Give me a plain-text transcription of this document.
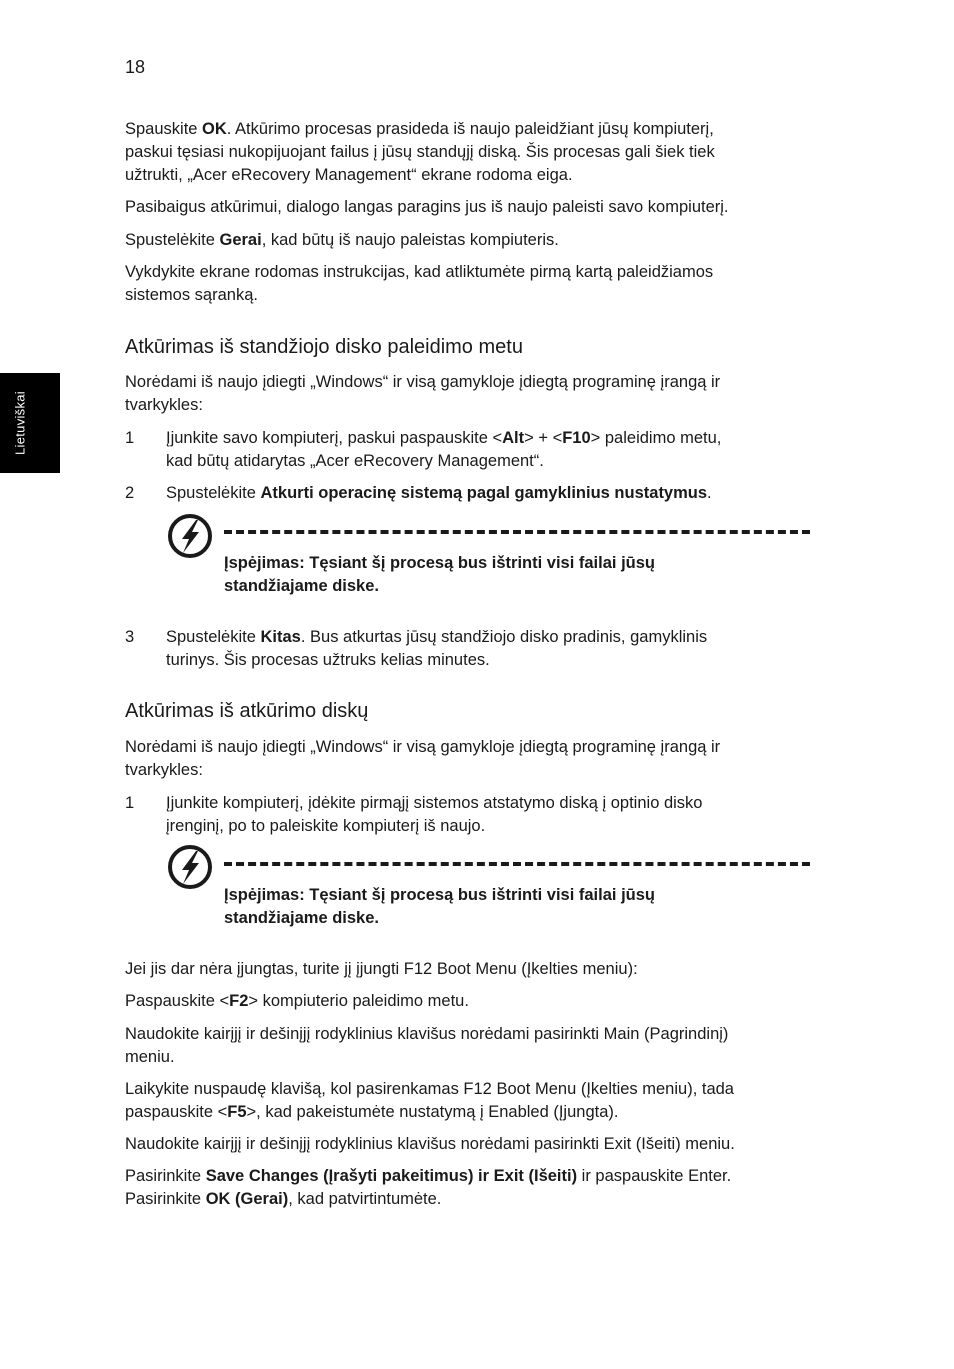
18
Lietuviškai

Spauskite OK. Atkūrimo procesas prasideda iš naujo paleidžiant jūsų kompiuterį,
paskui tęsiasi nukopijuojant failus į jūsų standųjį diską. Šis procesas gali šiek tiek
užtrukti, „Acer eRecovery Management“ ekrane rodoma eiga.

Pasibaigus atkūrimui, dialogo langas paragins jus iš naujo paleisti savo kompiuterį.

Spustelėkite Gerai, kad būtų iš naujo paleistas kompiuteris.

Vykdykite ekrane rodomas instrukcijas, kad atliktumėte pirmą kartą paleidžiamos
sistemos sąranką.

Atkūrimas iš standžiojo disko paleidimo metu

Norėdami iš naujo įdiegti „Windows“ ir visą gamykloje įdiegtą programinę įrangą ir
tvarkykles:

1 Įjunkite savo kompiuterį, paskui paspauskite <Alt> + <F10> paleidimo metu,
kad būtų atidarytas „Acer eRecovery Management“.

2 Spustelėkite Atkurti operacinę sistemą pagal gamyklinius nustatymus.

Įspėjimas: Tęsiant šį procesą bus ištrinti visi failai jūsų
standžiajame diske.

3 Spustelėkite Kitas. Bus atkurtas jūsų standžiojo disko pradinis, gamyklinis
turinys. Šis procesas užtruks kelias minutes.

Atkūrimas iš atkūrimo diskų

Norėdami iš naujo įdiegti „Windows“ ir visą gamykloje įdiegtą programinę įrangą ir
tvarkykles:

1 Įjunkite kompiuterį, įdėkite pirmąjį sistemos atstatymo diską į optinio disko
įrenginį, po to paleiskite kompiuterį iš naujo.

Įspėjimas: Tęsiant šį procesą bus ištrinti visi failai jūsų
standžiajame diske.

Jei jis dar nėra įjungtas, turite jį įjungti F12 Boot Menu (Įkelties meniu):

Paspauskite <F2> kompiuterio paleidimo metu.

Naudokite kairįjį ir dešinįjį rodyklinius klavišus norėdami pasirinkti Main (Pagrindinį)
meniu.

Laikykite nuspaudę klavišą, kol pasirenkamas F12 Boot Menu (Įkelties meniu), tada
paspauskite <F5>, kad pakeistumėte nustatymą į Enabled (Įjungta).

Naudokite kairįjį ir dešinįjį rodyklinius klavišus norėdami pasirinkti Exit (Išeiti) meniu.

Pasirinkite Save Changes (Įrašyti pakeitimus) ir Exit (Išeiti) ir paspauskite Enter.
Pasirinkite OK (Gerai), kad patvirtintumėte.
